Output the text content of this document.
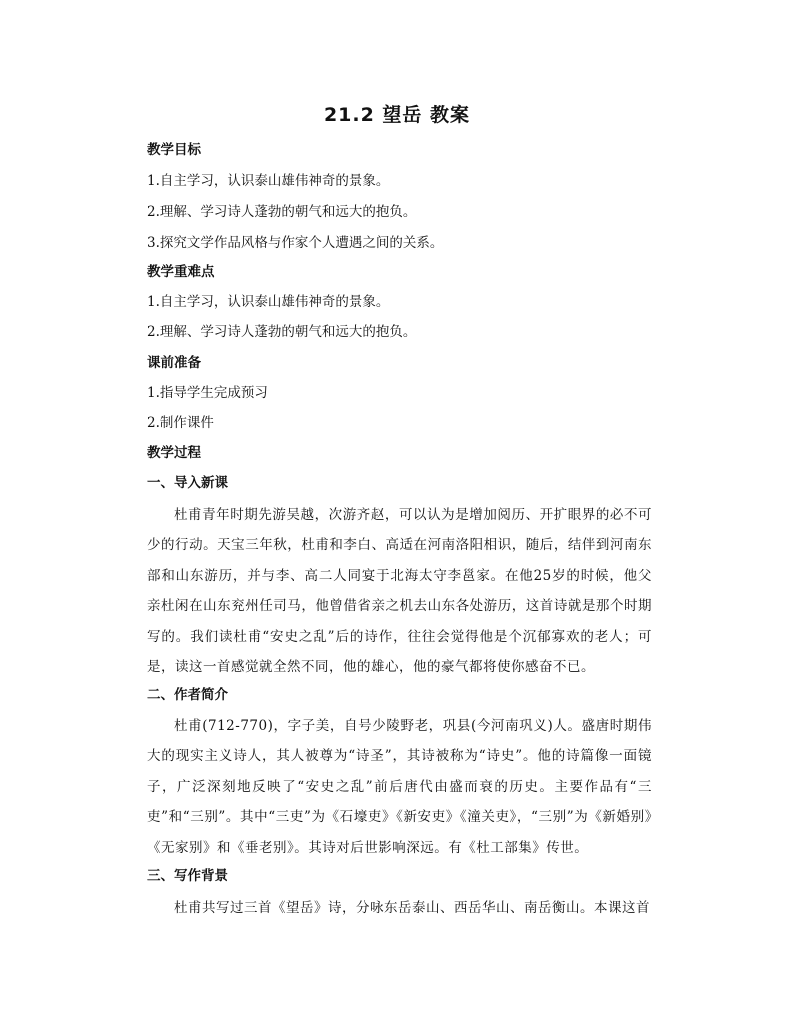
21.2 望岳 教案
教学目标
1.自主学习，认识泰山雄伟神奇的景象。
2.理解、学习诗人蓬勃的朝气和远大的抱负。
3.探究文学作品风格与作家个人遭遇之间的关系。
教学重难点
1.自主学习，认识泰山雄伟神奇的景象。
2.理解、学习诗人蓬勃的朝气和远大的抱负。
课前准备
1.指导学生完成预习
2.制作课件
教学过程
一、导入新课
杜甫青年时期先游吴越，次游齐赵，可以认为是增加阅历、开扩眼界的必不可少的行动。天宝三年秋，杜甫和李白、高适在河南洛阳相识，随后，结伴到河南东部和山东游历，并与李、高二人同宴于北海太守李邕家。在他25岁的时候，他父亲杜闲在山东兖州任司马，他曾借省亲之机去山东各处游历，这首诗就是那个时期写的。我们读杜甫“安史之乱”后的诗作，往往会觉得他是个沉郁寡欢的老人；可是，读这一首感觉就全然不同，他的雄心，他的豪气都将使你感奋不已。
二、作者简介
杜甫(712-770)，字子美，自号少陵野老，巩县(今河南巩义)人。盛唐时期伟大的现实主义诗人，其人被尊为“诗圣”，其诗被称为“诗史”。他的诗篇像一面镜子，广泛深刻地反映了“安史之乱”前后唐代由盛而衰的历史。主要作品有“三吏”和“三别”。其中“三吏”为《石壕吏》《新安吏》《潼关吏》，“三别”为《新婚别》《无家别》和《垂老别》。其诗对后世影响深远。有《杜工部集》传世。
三、写作背景
杜甫共写过三首《望岳》诗，分咏东岳泰山、西岳华山、南岳衡山。本课这首
